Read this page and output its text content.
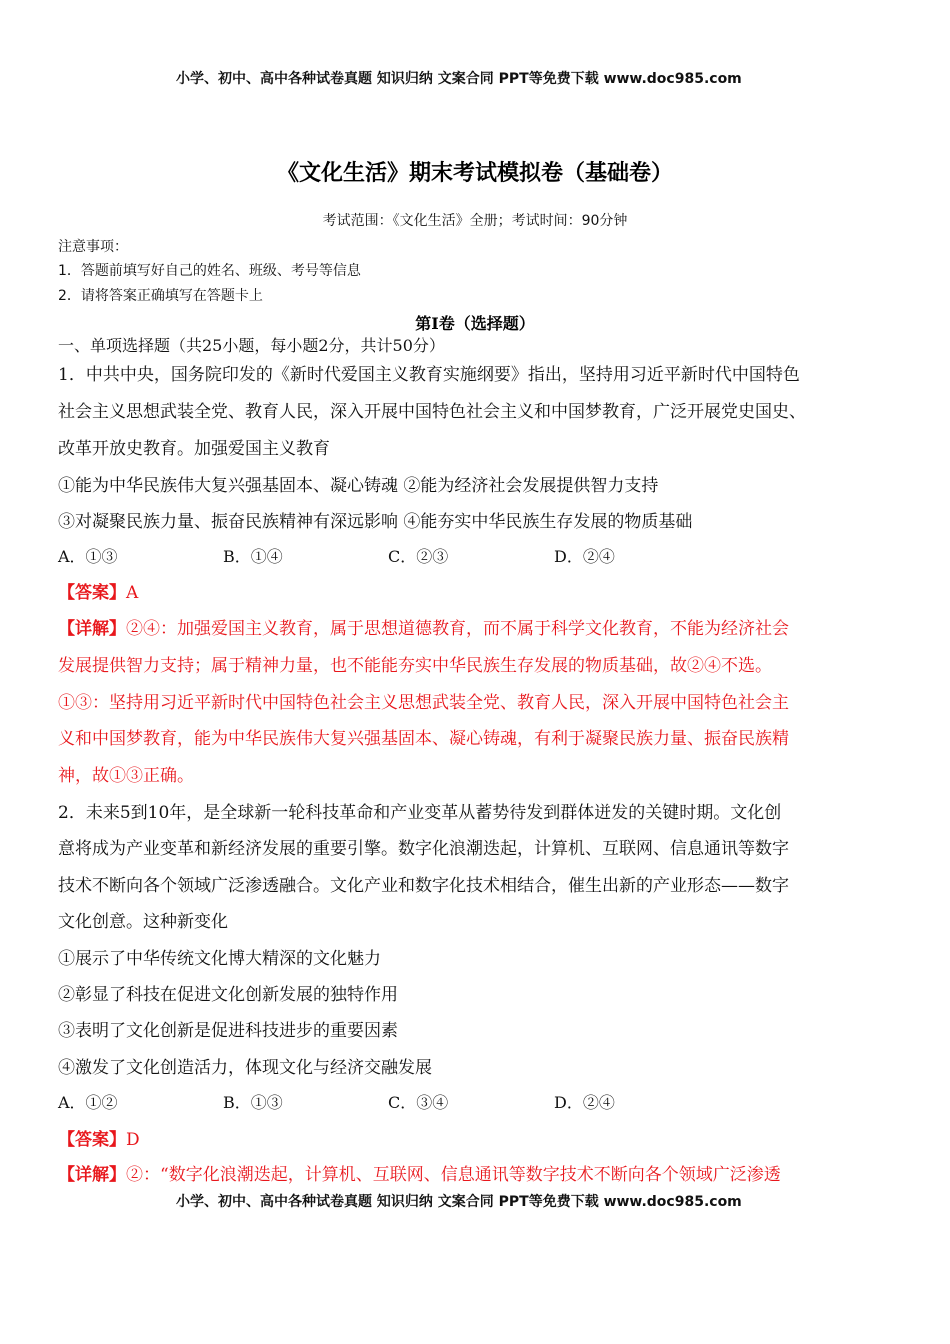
小学、初中、高中各种试卷真题 知识归纳 文案合同 PPT等免费下载 www.doc985.com

《文化生活》期末考试模拟卷（基础卷）

考试范围：《文化生活》全册；考试时间：90分钟

注意事项：

1．答题前填写好自己的姓名、班级、考号等信息

2．请将答案正确填写在答题卡上

第Ⅰ卷（选择题）

一、单项选择题（共25小题，每小题2分，共计50分）

1．中共中央，国务院印发的《新时代爱国主义教育实施纲要》指出，坚持用习近平新时代中国特色

社会主义思想武装全党、教育人民，深入开展中国特色社会主义和中国梦教育，广泛开展党史国史、

改革开放史教育。加强爱国主义教育

①能为中华民族伟大复兴强基固本、凝心铸魂 ②能为经济社会发展提供智力支持

③对凝聚民族力量、振奋民族精神有深远影响 ④能夯实中华民族生存发展的物质基础

A．①③	B．①④	C．②③	D．②④

【答案】A

【详解】②④：加强爱国主义教育，属于思想道德教育，而不属于科学文化教育，不能为经济社会

发展提供智力支持；属于精神力量，也不能能夯实中华民族生存发展的物质基础，故②④不选。

①③：坚持用习近平新时代中国特色社会主义思想武装全党、教育人民，深入开展中国特色社会主

义和中国梦教育，能为中华民族伟大复兴强基固本、凝心铸魂，有利于凝聚民族力量、振奋民族精

神，故①③正确。

2．未来5到10年，是全球新一轮科技革命和产业变革从蓄势待发到群体迸发的关键时期。文化创

意将成为产业变革和新经济发展的重要引擎。数字化浪潮迭起，计算机、互联网、信息通讯等数字

技术不断向各个领域广泛渗透融合。文化产业和数字化技术相结合，催生出新的产业形态——数字

文化创意。这种新变化

①展示了中华传统文化博大精深的文化魅力

②彰显了科技在促进文化创新发展的独特作用

③表明了文化创新是促进科技进步的重要因素

④激发了文化创造活力，体现文化与经济交融发展

A．①②	B．①③	C．③④	D．②④

【答案】D

【详解】②：“数字化浪潮迭起，计算机、互联网、信息通讯等数字技术不断向各个领域广泛渗透

小学、初中、高中各种试卷真题 知识归纳 文案合同 PPT等免费下载 www.doc985.com
